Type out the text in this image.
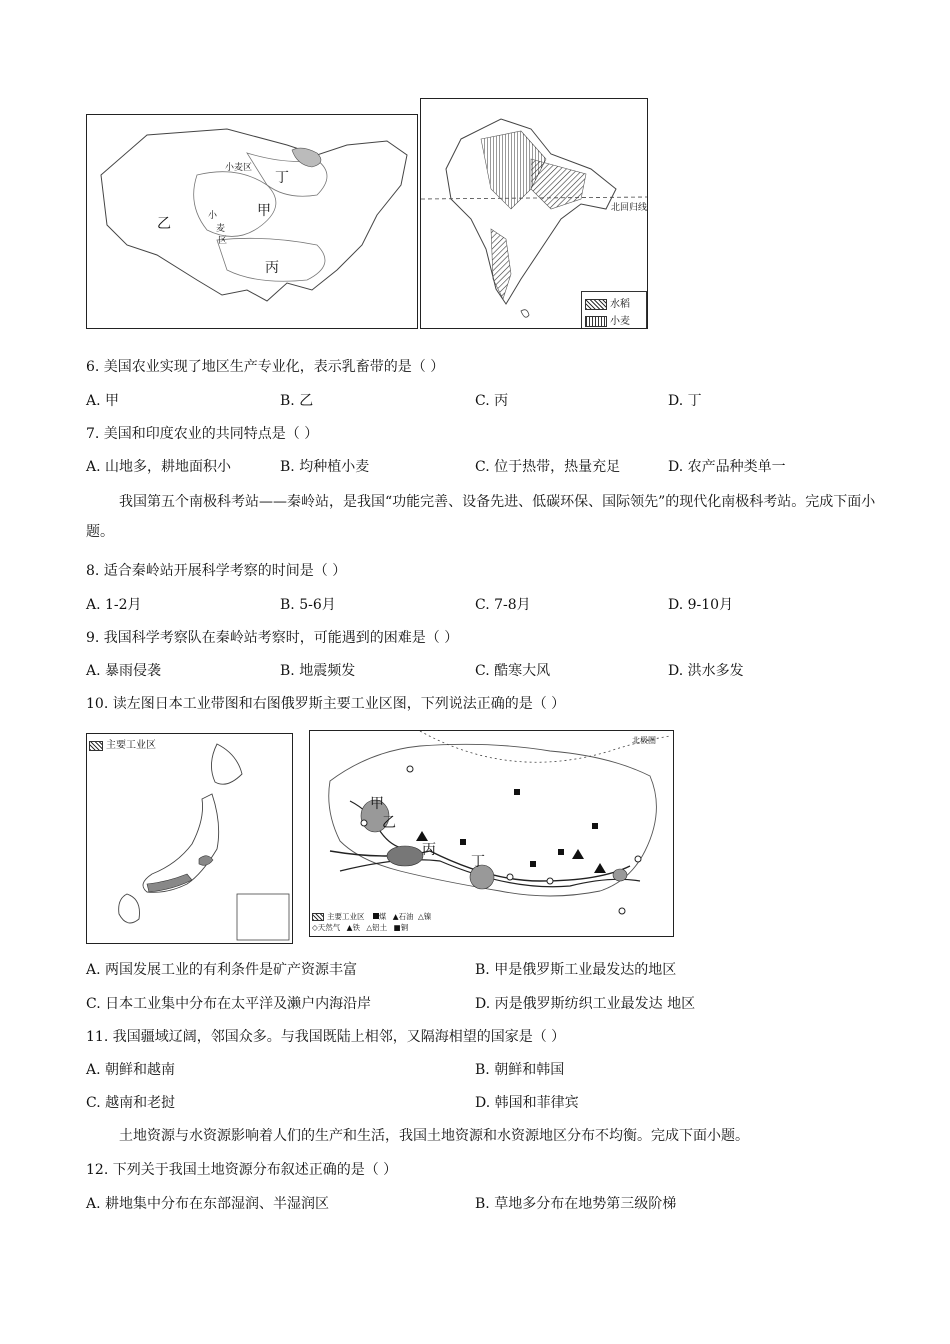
甲
乙
丙
丁
小麦区
小
麦
区
北回归线
水稻
小麦
6. 美国农业实现了地区生产专业化，表示乳畜带的是（ ）
A. 甲	B. 乙	C. 丙	D. 丁
7. 美国和印度农业的共同特点是（ ）
A. 山地多，耕地面积小	B. 均种植小麦	C. 位于热带，热量充足	D. 农产品种类单一
我国第五个南极科考站——秦岭站，是我国“功能完善、设备先进、低碳环保、国际领先”的现代化南极科考站。完成下面小题。
8. 适合秦岭站开展科学考察的时间是（ ）
A. 1-2月	B. 5-6月	C. 7-8月	D. 9-10月
9. 我国科学考察队在秦岭站考察时，可能遇到的困难是（ ）
A. 暴雨侵袭	B. 地震频发	C. 酷寒大风	D. 洪水多发
10. 读左图日本工业带图和右图俄罗斯主要工业区图，下列说法正确的是（ ）
主要工业区
甲
乙
丙
丁
北极圈
主要工业区 煤 ▲石油 △镍
◇天然气 ▲铁 △铝土 ■铜
A. 两国发展工业的有利条件是矿产资源丰富	B. 甲是俄罗斯工业最发达的地区
C. 日本工业集中分布在太平洋及濑户内海沿岸	D. 丙是俄罗斯纺织工业最发达 地区
11. 我国疆域辽阔，邻国众多。与我国既陆上相邻，又隔海相望的国家是（ ）
A. 朝鲜和越南	B. 朝鲜和韩国
C. 越南和老挝	D. 韩国和菲律宾
土地资源与水资源影响着人们的生产和生活，我国土地资源和水资源地区分布不均衡。完成下面小题。
12. 下列关于我国土地资源分布叙述正确的是（ ）
A. 耕地集中分布在东部湿润、半湿润区	B. 草地多分布在地势第三级阶梯
